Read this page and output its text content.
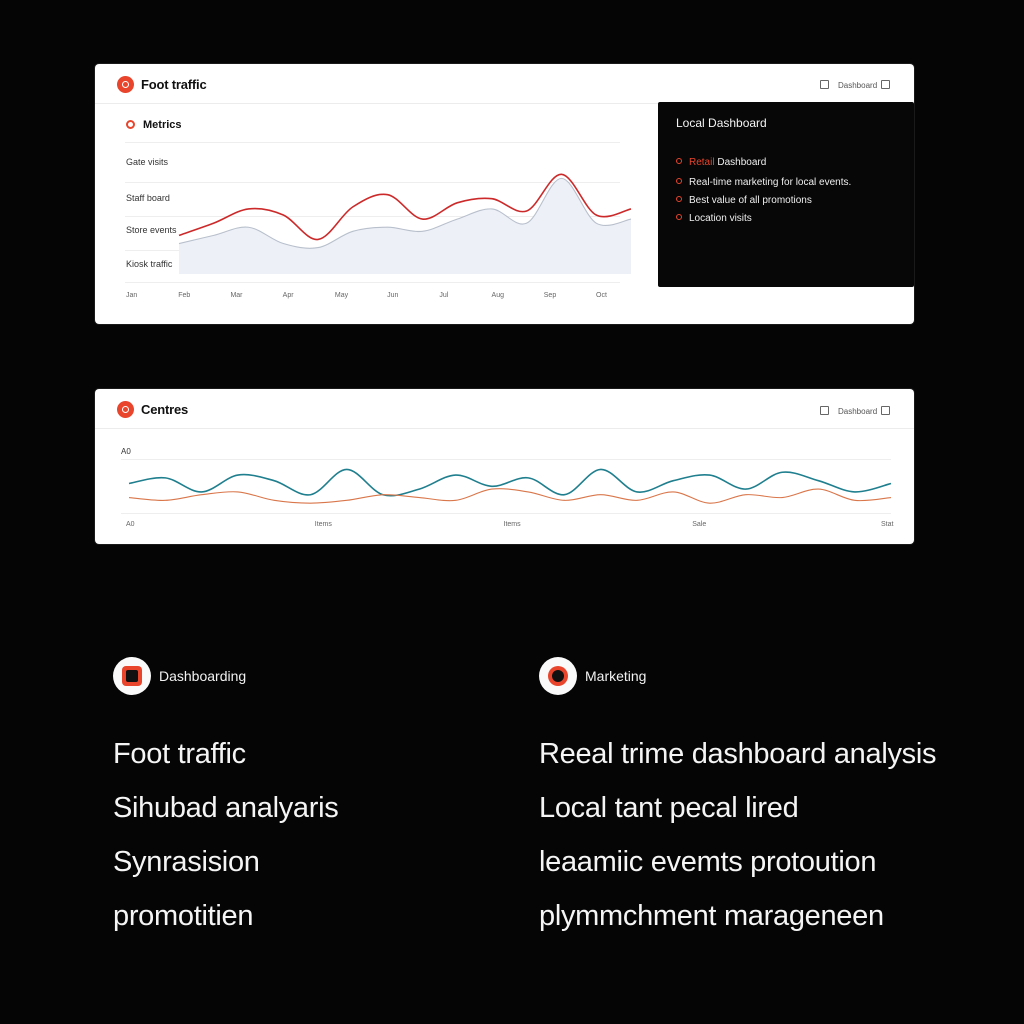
Foot traffic	Dashboard
Metrics
Gate visits
Staff board
Store events
Kiosk traffic
Jan	Feb	Mar	Apr	May	Jun	Jul	Aug	Sep	Oct
Local Dashboard
Retail Dashboard
Real-time marketing for local events.
Best value of all promotions
Location visits
Centres	Dashboard
A0
A0	Items	Items	Sale	Stat
Dashboarding	Marketing
Foot traffic
Sihubad analyaris
Synrasision
promotitien
Reeal trime dashboard analysis
Local tant pecal lired
leaamiic evemts protoution
plymmchment marageneen
